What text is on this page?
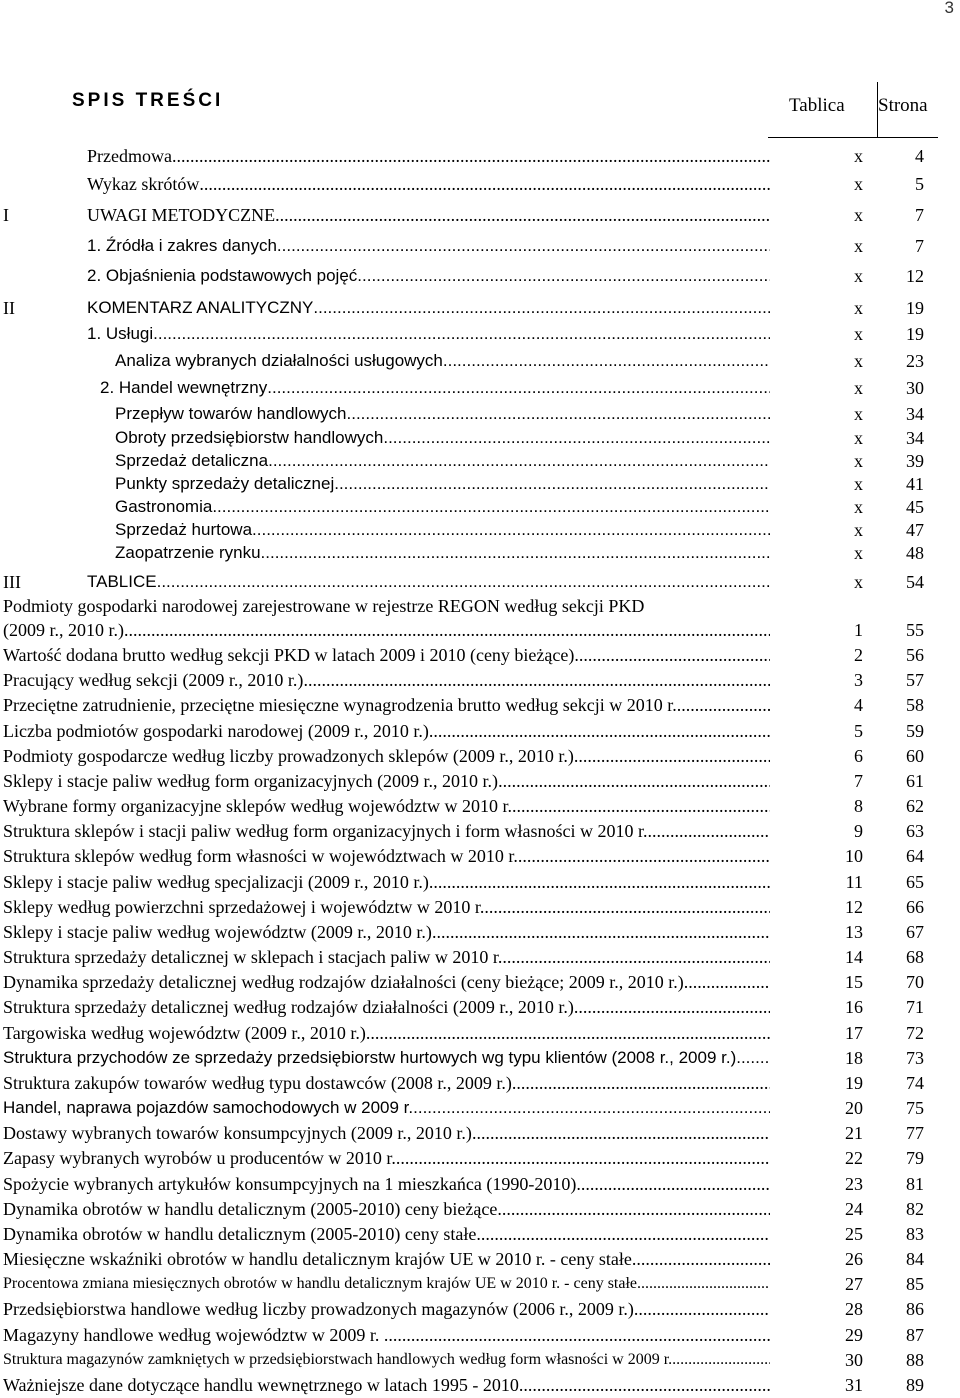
3
SPIS TREŚCI	Tablica Strona
Przedmowa .....	x	4
Wykaz skrótów .....	x	5
I	UWAGI METODYCZNE .....	x	7
1. Źródła i zakres danych .....	x	7
2. Objaśnienia podstawowych pojęć .....	x	12
II	KOMENTARZ ANALITYCZNY .....	x	19
1. Usługi .....	x	19
Analiza wybranych działalności usługowych .....	x	23
2. Handel wewnętrzny .....	x	30
Przepływ towarów handlowych .....	x	34
Obroty przedsiębiorstw handlowych .....	x	34
Sprzedaż detaliczna .....	x	39
Punkty sprzedaży detalicznej .....	x	41
Gastronomia .....	x	45
Sprzedaż hurtowa .....	x	47
Zaopatrzenie rynku .....	x	48
III	TABLICE .....	x	54
Podmioty gospodarki narodowej zarejestrowane w rejestrze REGON według sekcji PKD
(2009 r., 2010 r.) .....	1	55
Wartość dodana brutto według sekcji PKD w latach 2009 i 2010 (ceny bieżące) .....	2	56
Pracujący według sekcji (2009 r., 2010 r.) .....	3	57
Przeciętne zatrudnienie, przeciętne miesięczne wynagrodzenia brutto według sekcji w 2010 r. .....	4	58
Liczba podmiotów gospodarki narodowej (2009 r., 2010 r.) .....	5	59
Podmioty gospodarcze według liczby prowadzonych sklepów (2009 r., 2010 r.) .....	6	60
Sklepy i stacje paliw według form organizacyjnych (2009 r., 2010 r.) .....	7	61
Wybrane formy organizacyjne sklepów według województw w 2010 r. .....	8	62
Struktura sklepów i stacji paliw według form organizacyjnych i form własności w 2010 r. .....	9	63
Struktura sklepów według form własności w województwach w 2010 r. .....	10	64
Sklepy i stacje paliw według specjalizacji (2009 r., 2010 r.) .....	11	65
Sklepy według powierzchni sprzedażowej i województw w 2010 r. .....	12	66
Sklepy i stacje paliw według województw (2009 r., 2010 r.) .....	13	67
Struktura sprzedaży detalicznej w sklepach i stacjach paliw w 2010 r. .....	14	68
Dynamika sprzedaży detalicznej według rodzajów działalności (ceny bieżące; 2009 r., 2010 r.) .....	15	70
Struktura sprzedaży detalicznej według rodzajów działalności (2009 r., 2010 r.) .....	16	71
Targowiska według województw (2009 r., 2010 r.) .....	17	72
Struktura przychodów ze sprzedaży przedsiębiorstw hurtowych wg typu klientów (2008 r., 2009 r.) .....	18	73
Struktura zakupów towarów według typu dostawców (2008 r., 2009 r.) .....	19	74
Handel, naprawa pojazdów samochodowych w 2009 r. .....	20	75
Dostawy wybranych towarów konsumpcyjnych (2009 r., 2010 r.) .....	21	77
Zapasy wybranych wyrobów u producentów w 2010 r. .....	22	79
Spożycie wybranych artykułów konsumpcyjnych na 1 mieszkańca (1990-2010) .....	23	81
Dynamika obrotów w handlu detalicznym (2005-2010) ceny bieżące .....	24	82
Dynamika obrotów w handlu detalicznym (2005-2010) ceny stałe .....	25	83
Miesięczne wskaźniki obrotów w handlu detalicznym krajów UE w 2010 r. - ceny stałe .....	26	84
Procentowa zmiana miesięcznych obrotów w handlu detalicznym krajów UE w 2010 r. - ceny stałe .....	27	85
Przedsiębiorstwa handlowe według liczby prowadzonych magazynów (2006 r., 2009 r.) .....	28	86
Magazyny handlowe według województw w 2009 r. . .....	29	87
Struktura magazynów zamkniętych w przedsiębiorstwach handlowych według form własności w 2009 r. .....	30	88
Ważniejsze dane dotyczące handlu wewnętrznego w latach 1995 - 2010 .....	31	89
